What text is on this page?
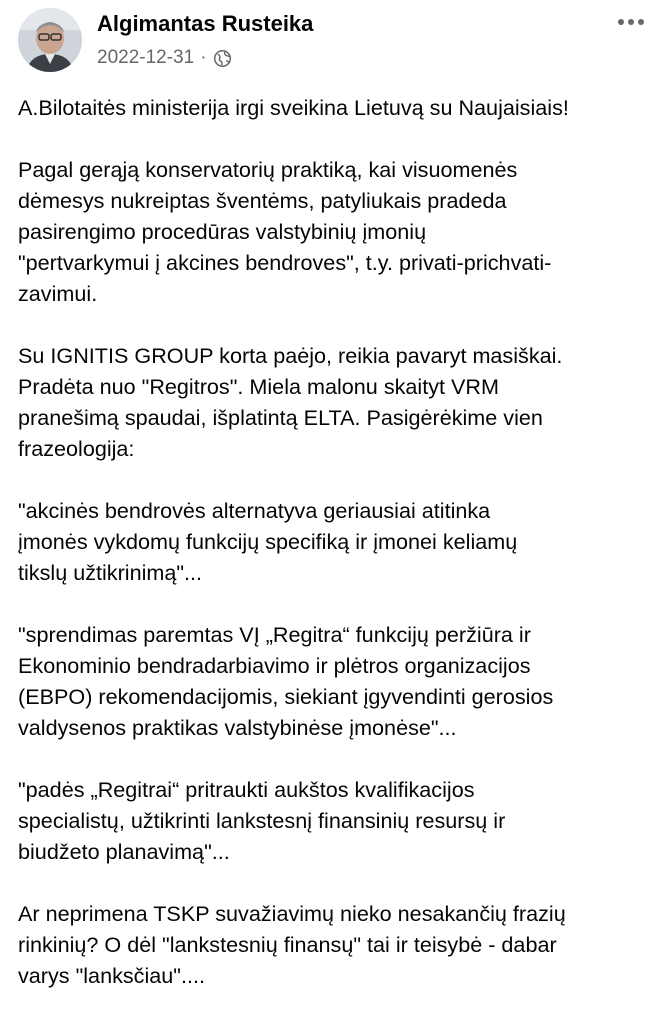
Algimantas Rusteika
2022-12-31 ·

A.Bilotaitės ministerija irgi sveikina Lietuvą su Naujaisiais!

Pagal gerąją konservatorių praktiką, kai visuomenės
dėmesys nukreiptas šventėms, patyliukais pradeda
pasirengimo procedūras valstybinių įmonių
"pertvarkymui į akcines bendroves", t.y. privati-prichvati-
zavimui.

Su IGNITIS GROUP korta paėjo, reikia pavaryt masiškai.
Pradėta nuo "Regitros". Miela malonu skaityt VRM
pranešimą spaudai, išplatintą ELTA. Pasigėrėkime vien
frazeologija:

"akcinės bendrovės alternatyva geriausiai atitinka
įmonės vykdomų funkcijų specifiką ir įmonei keliamų
tikslų užtikrinimą"...

"sprendimas paremtas VĮ „Regitra“ funkcijų peržiūra ir
Ekonominio bendradarbiavimo ir plėtros organizacijos
(EBPO) rekomendacijomis, siekiant įgyvendinti gerosios
valdysenos praktikas valstybinėse įmonėse"...

"padės „Regitrai“ pritraukti aukštos kvalifikacijos
specialistų, užtikrinti lankstesnį finansinių resursų ir
biudžeto planavimą"...

Ar neprimena TSKP suvažiavimų nieko nesakančių frazių
rinkinių? O dėl "lankstesnių finansų" tai ir teisybė - dabar
varys "lanksčiau"....
